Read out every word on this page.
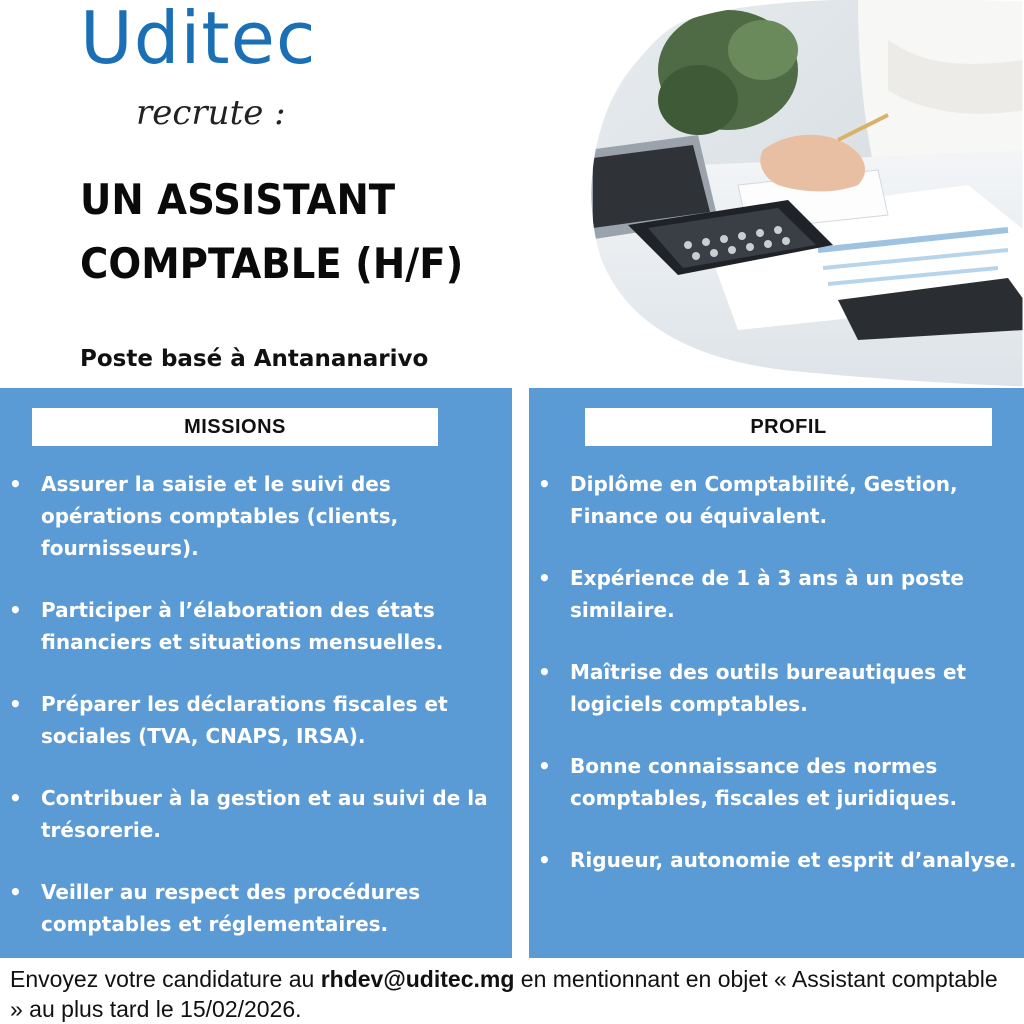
Uditec
recrute :
UN ASSISTANT
COMPTABLE (H/F)
Poste basé à Antananarivo
MISSIONS
• Assurer la saisie et le suivi des opérations comptables (clients, fournisseurs).
• Participer à l’élaboration des états financiers et situations mensuelles.
• Préparer les déclarations fiscales et sociales (TVA, CNAPS, IRSA).
• Contribuer à la gestion et au suivi de la trésorerie.
• Veiller au respect des procédures comptables et réglementaires.
PROFIL
• Diplôme en Comptabilité, Gestion, Finance ou équivalent.
• Expérience de 1 à 3 ans à un poste similaire.
• Maîtrise des outils bureautiques et logiciels comptables.
• Bonne connaissance des normes comptables, fiscales et juridiques.
• Rigueur, autonomie et esprit d’analyse.

Envoyez votre candidature au rhdev@uditec.mg en mentionnant en objet « Assistant comptable » au plus tard le 15/02/2026.
